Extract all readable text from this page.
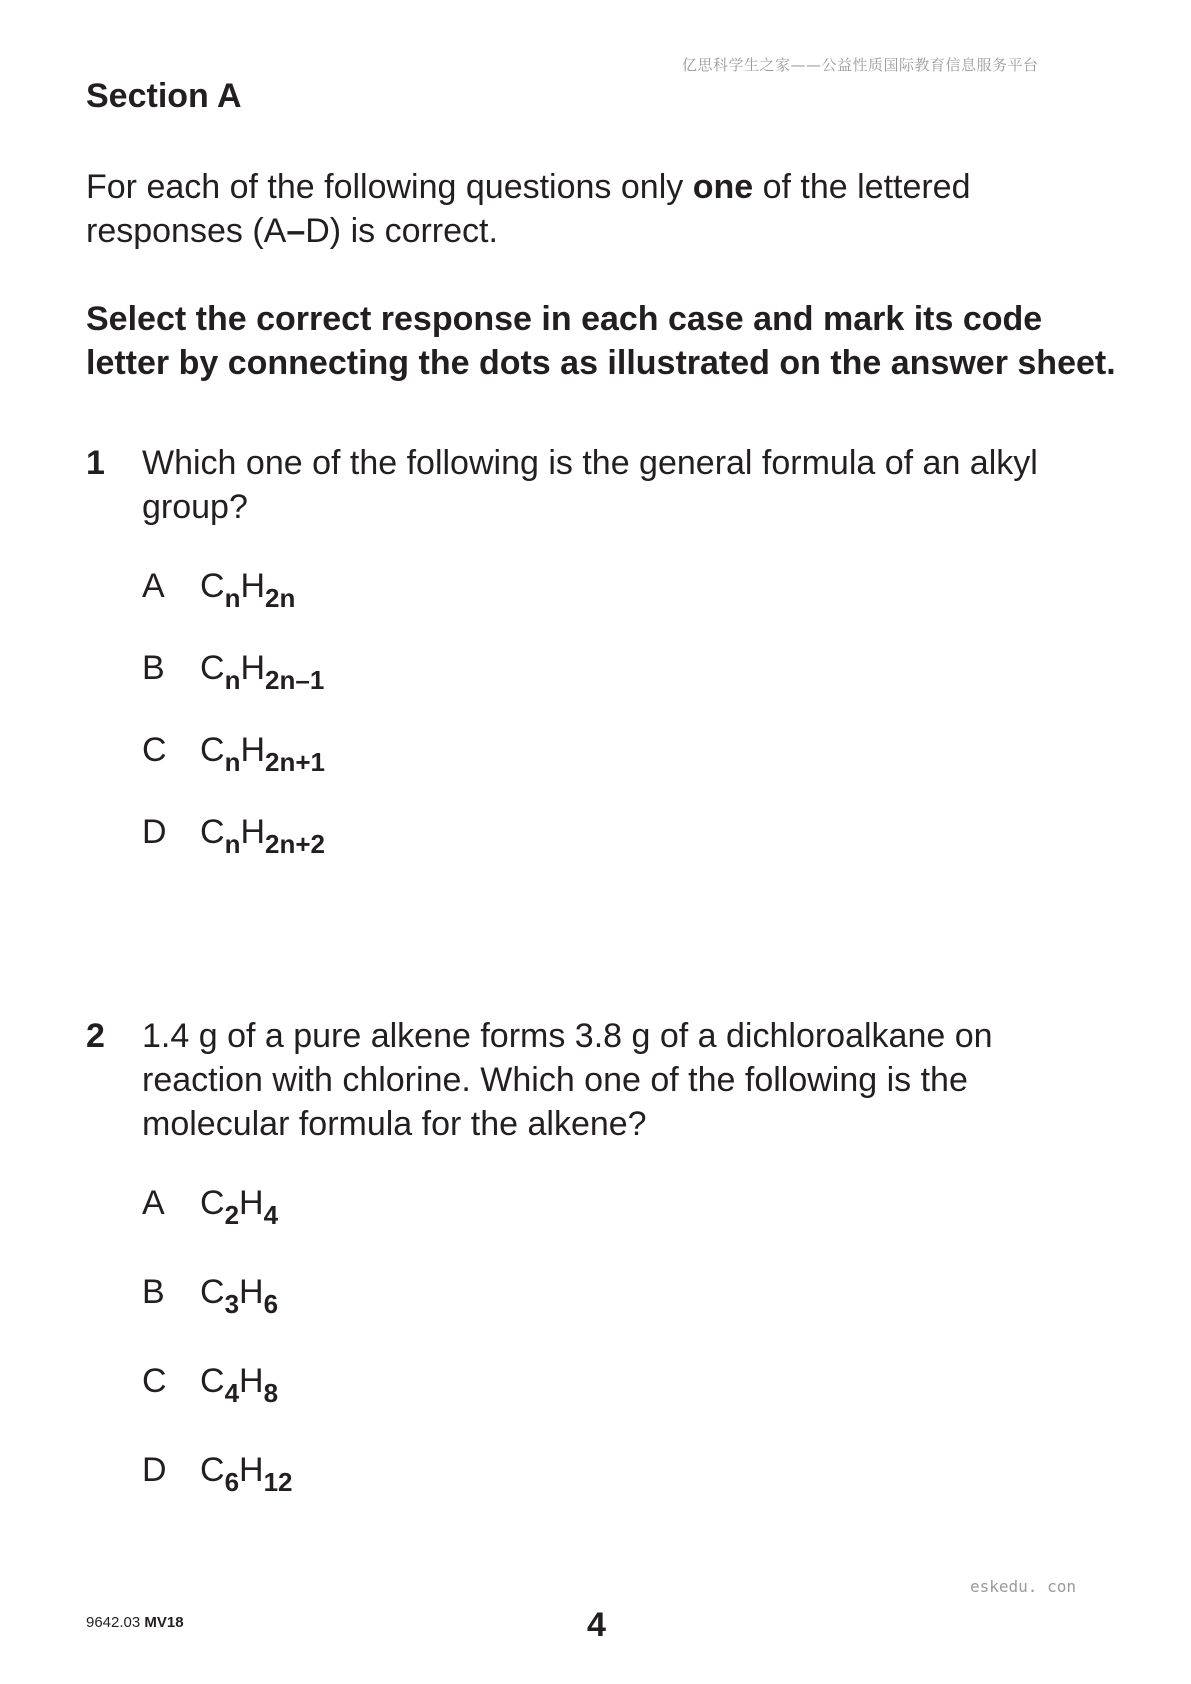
亿思科学生之家——公益性质国际教育信息服务平台
Section A

For each of the following questions only one of the lettered responses (A–D) is correct.

Select the correct response in each case and mark its code letter by connecting the dots as illustrated on the answer sheet.

1 Which one of the following is the general formula of an alkyl group?
A $C_nH_{2n}$
B $C_nH_{2n-1}$
C $C_nH_{2n+1}$
D $C_nH_{2n+2}$
2 1.4 g of a pure alkene forms 3.8 g of a dichloroalkane on reaction with chlorine. Which one of the following is the molecular formula for the alkene?
A $C_2H_4$
B $C_3H_6$
C $C_4H_8$
D $C_6H_{12}$
eskedu. con
9642.03 MV18	4
